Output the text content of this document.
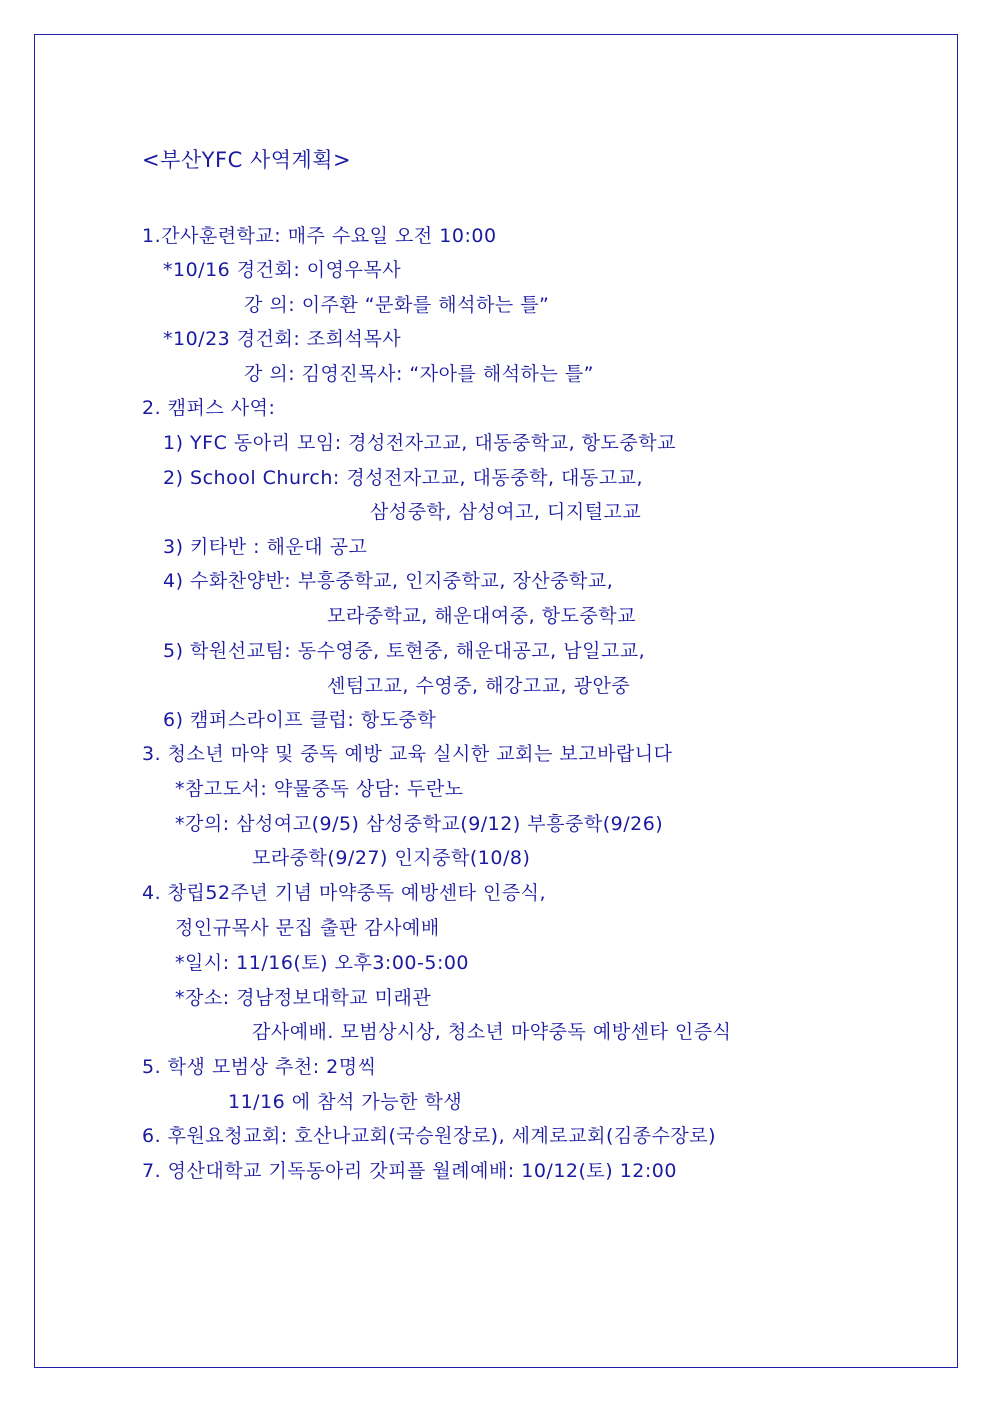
<부산YFC 사역계획>
1.간사훈련학교: 매주 수요일 오전 10:00
*10/16 경건회: 이영우목사
강 의: 이주환 “문화를 해석하는 틀”
*10/23 경건회: 조희석목사
강 의: 김영진목사: “자아를 해석하는 틀”
2. 캠퍼스 사역:
1) YFC 동아리 모임: 경성전자고교, 대동중학교, 항도중학교
2) School Church: 경성전자고교, 대동중학, 대동고교,
삼성중학, 삼성여고, 디지털고교
3) 키타반 : 해운대 공고
4) 수화찬양반: 부흥중학교, 인지중학교, 장산중학교,
모라중학교, 해운대여중, 항도중학교
5) 학원선교팀: 동수영중, 토현중, 해운대공고, 남일고교,
센텀고교, 수영중, 해강고교, 광안중
6) 캠퍼스라이프 클럽: 항도중학
3. 청소년 마약 및 중독 예방 교육 실시한 교회는 보고바랍니다
*참고도서: 약물중독 상담: 두란노
*강의: 삼성여고(9/5) 삼성중학교(9/12) 부흥중학(9/26)
모라중학(9/27) 인지중학(10/8)
4. 창립52주년 기념 마약중독 예방센타 인증식,
정인규목사 문집 출판 감사예배
*일시: 11/16(토) 오후3:00-5:00
*장소: 경남정보대학교 미래관
감사예배. 모범상시상, 청소년 마약중독 예방센타 인증식
5. 학생 모범상 추천: 2명씩
11/16 에 참석 가능한 학생
6. 후원요청교회: 호산나교회(국승원장로), 세계로교회(김종수장로)
7. 영산대학교 기독동아리 갓피플 월례예배: 10/12(토) 12:00
